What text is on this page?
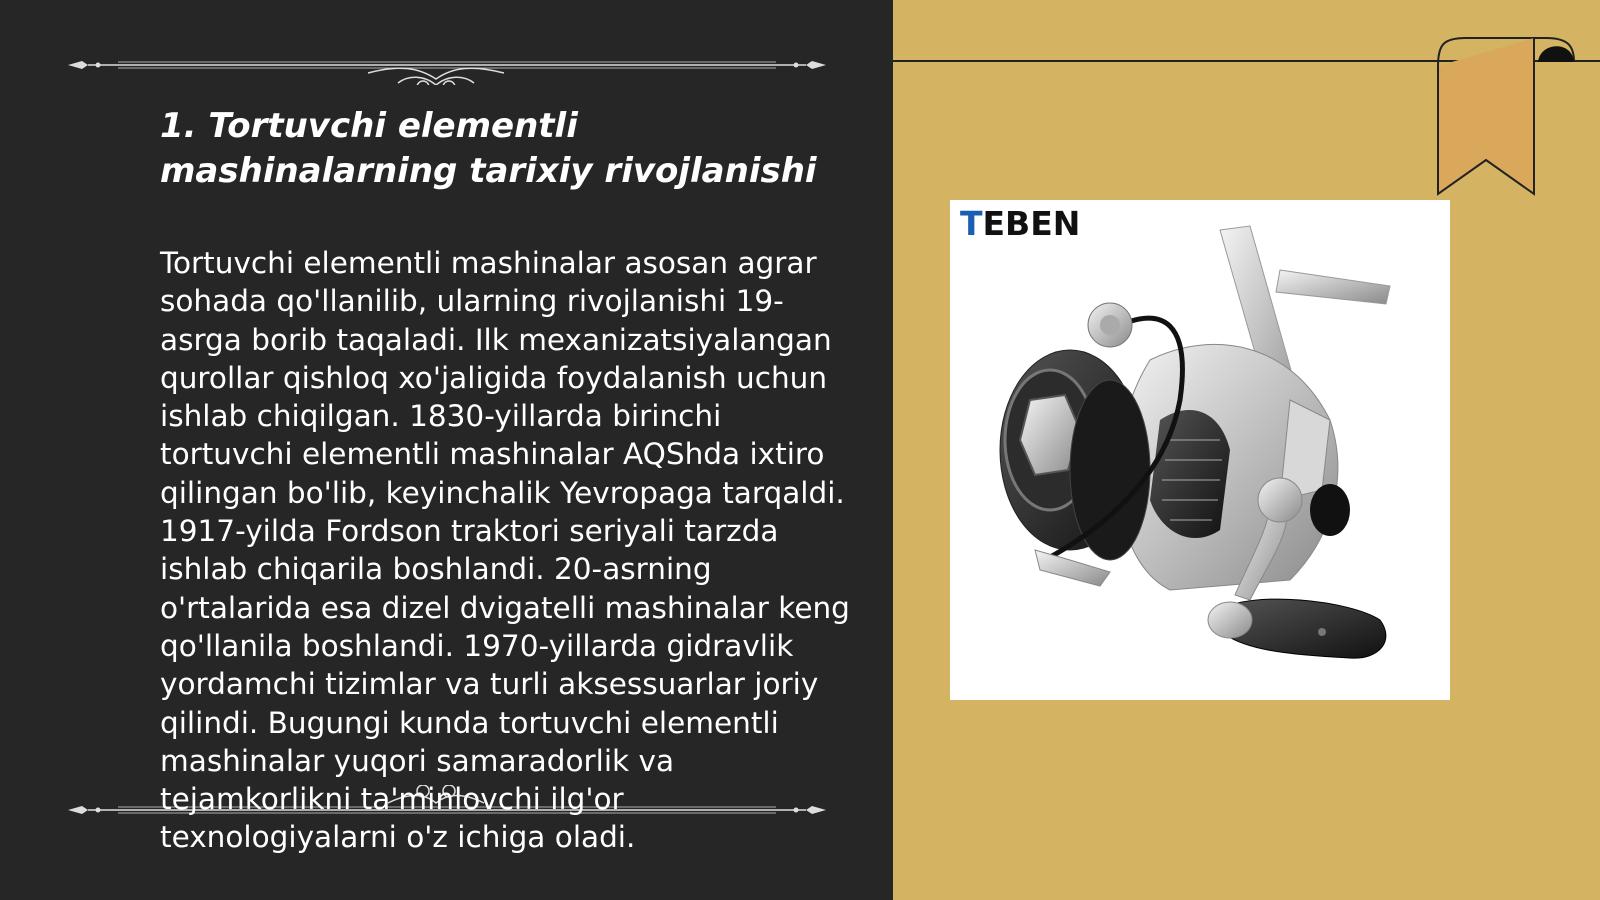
1. Tortuvchi elementli mashinalarning tarixiy rivojlanishi
Tortuvchi elementli mashinalar asosan agrar sohada qo'llanilib, ularning rivojlanishi 19-asrga borib taqaladi. Ilk mexanizatsiyalangan qurollar qishloq xo'jaligida foydalanish uchun ishlab chiqilgan. 1830-yillarda birinchi tortuvchi elementli mashinalar AQShda ixtiro qilingan bo'lib, keyinchalik Yevropaga tarqaldi. 1917-yilda Fordson traktori seriyali tarzda ishlab chiqarila boshlandi. 20-asrning o'rtalarida esa dizel dvigatelli mashinalar keng qo'llanila boshlandi. 1970-yillarda gidravlik yordamchi tizimlar va turli aksessuarlar joriy qilindi. Bugungi kunda tortuvchi elementli mashinalar yuqori samaradorlik va tejamkorlikni ta'minlovchi ilg'or texnologiyalarni o'z ichiga oladi.
TEBEN
